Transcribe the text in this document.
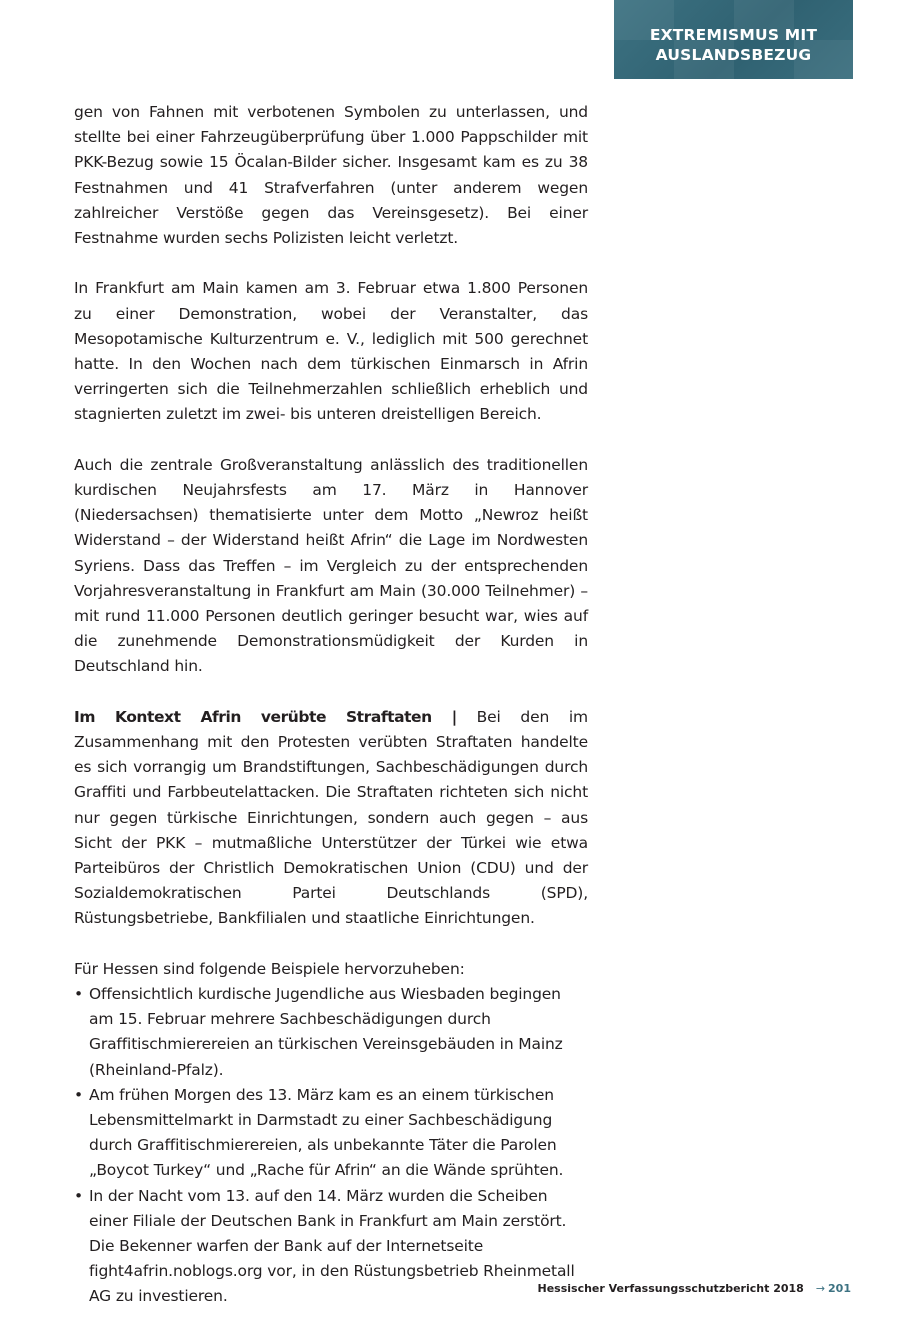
EXTREMISMUS MIT
AUSLANDSBEZUG

gen von Fahnen mit verbotenen Symbolen zu unterlassen, und stellte bei einer Fahrzeugüberprüfung über 1.000 Pappschilder mit PKK-Bezug sowie 15 Öcalan-Bilder sicher. Insgesamt kam es zu 38 Festnahmen und 41 Strafverfahren (unter anderem wegen zahlreicher Verstöße gegen das Vereinsgesetz). Bei einer Festnahme wurden sechs Polizisten leicht verletzt.

In Frankfurt am Main kamen am 3. Februar etwa 1.800 Personen zu einer Demonstration, wobei der Veranstalter, das Mesopotamische Kulturzentrum e. V., lediglich mit 500 gerechnet hatte. In den Wochen nach dem türkischen Einmarsch in Afrin verringerten sich die Teilnehmerzahlen schließlich erheblich und stagnierten zuletzt im zwei- bis unteren dreistelligen Bereich.

Auch die zentrale Großveranstaltung anlässlich des traditionellen kurdischen Neujahrsfests am 17. März in Hannover (Niedersachsen) thematisierte unter dem Motto „Newroz heißt Widerstand – der Widerstand heißt Afrin“ die Lage im Nordwesten Syriens. Dass das Treffen – im Vergleich zu der entsprechenden Vorjahresveranstaltung in Frankfurt am Main (30.000 Teilnehmer) – mit rund 11.000 Personen deutlich geringer besucht war, wies auf die zunehmende Demonstrationsmüdigkeit der Kurden in Deutschland hin.

Im Kontext Afrin verübte Straftaten | Bei den im Zusammenhang mit den Protesten verübten Straftaten handelte es sich vorrangig um Brandstiftungen, Sachbeschädigungen durch Graffiti und Farbbeutelattacken. Die Straftaten richteten sich nicht nur gegen türkische Einrichtungen, sondern auch gegen – aus Sicht der PKK – mutmaßliche Unterstützer der Türkei wie etwa Parteibüros der Christlich Demokratischen Union (CDU) und der Sozialdemokratischen Partei Deutschlands (SPD), Rüstungsbetriebe, Bankfilialen und staatliche Einrichtungen.

Für Hessen sind folgende Beispiele hervorzuheben:

• Offensichtlich kurdische Jugendliche aus Wiesbaden begingen am 15. Februar mehrere Sachbeschädigungen durch Graffitischmierereien an türkischen Vereinsgebäuden in Mainz (Rheinland-Pfalz).
• Am frühen Morgen des 13. März kam es an einem türkischen Lebensmittelmarkt in Darmstadt zu einer Sachbeschädigung durch Graffitischmierereien, als unbekannte Täter die Parolen „Boycot Turkey“ und „Rache für Afrin“ an die Wände sprühten.
• In der Nacht vom 13. auf den 14. März wurden die Scheiben einer Filiale der Deutschen Bank in Frankfurt am Main zerstört. Die Bekenner warfen der Bank auf der Internetseite fight4afrin.noblogs.org vor, in den Rüstungsbetrieb Rheinmetall AG zu investieren.	Hessischer Verfassungsschutzbericht 2018 → 201
